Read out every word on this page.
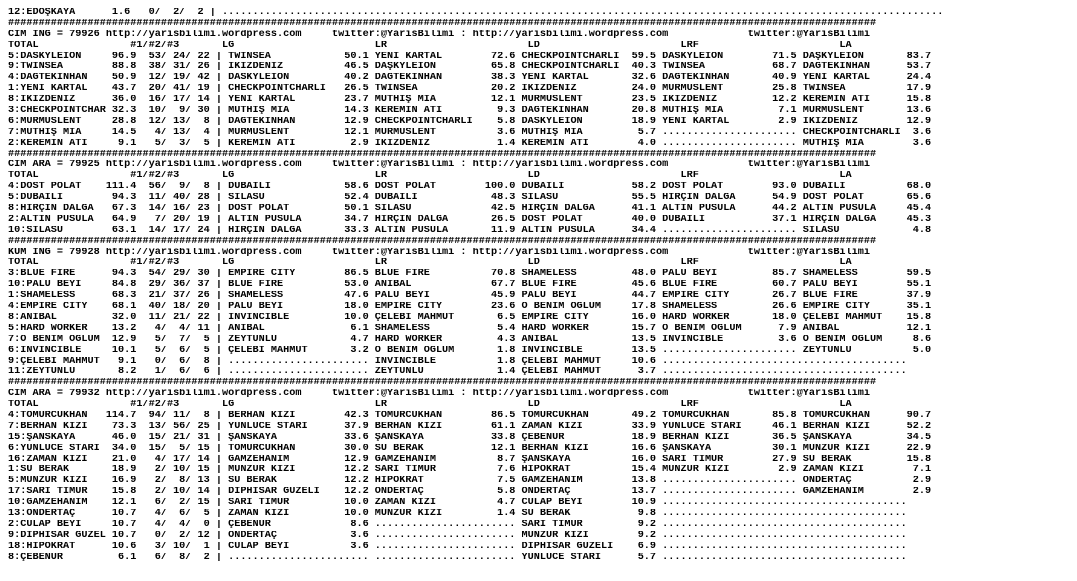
12:EDOŞKAYA      1.6   0/  2/  2 | ......................................................................................................................
##############################################################################################################################################
CIM ING = 79926 http://yarisbilimi.wordpress.com     twitter:@YarisBilimi : http://yarisbilimi.wordpress.com             twitter:@YarisBilimi
TOTAL               #1/#2/#3       LG                       LR                       LD                       LRF                       LA
5:DASKYLEION     96.9  53/ 24/ 22 | TWINSEA            50.1 YENİ KARTAL        72.6 CHECKPOINTCHARLI  59.5 DASKYLEION        71.5 DAŞKYLEION       83.7
9:TWINSEA        88.8  38/ 31/ 26 | İKİZDENİZ          46.5 DAŞKYLEION         65.8 CHECKPOINTCHARLI  40.3 TWINSEA           68.7 DAĞTEKİNHAN      53.7
4:DAĞTEKİNHAN    50.9  12/ 19/ 42 | DASKYLEION         40.2 DAĞTEKİNHAN        38.3 YENİ KARTAL       32.6 DAĞTEKİNHAN       40.9 YENİ KARTAL      24.4
1:YENİ KARTAL    43.7  20/ 41/ 19 | CHECKPOINTCHARLI   26.5 TWINSEA            20.2 İKİZDENİZ         24.0 MURMUSLENT        25.8 TWINSEA          17.9
8:İKİZDENİZ      36.0  16/ 17/ 14 | YENİ KARTAL        23.7 MÜTHİŞ MİA         12.1 MURMUSLENT        23.5 İKİZDENİZ         12.2 KEREMİN ATI      15.8
3:CHECKPOINTCHAR 32.3  10/  9/ 30 | MÜTHİŞ MİA         14.3 KEREMİN ATI         9.3 DAĞTEKİNHAN       20.8 MÜTHİŞ MİA         7.1 MURMUSLENT       13.6
6:MURMUSLENT     28.8  12/ 13/  8 | DAĞTEKİNHAN        12.9 CHECKPOINTCHARLI    5.8 DASKYLEION        18.9 YENİ KARTAL        2.9 İKİZDENİZ        12.9
7:MÜTHİŞ MİA     14.5   4/ 13/  4 | MURMUSLENT         12.1 MURMUSLENT          3.6 MÜTHİŞ MİA         5.7 ...................... CHECKPOINTCHARLI  3.6
2:KEREMİN ATI     9.1   5/  3/  5 | KEREMİN ATI         2.9 İKİZDENİZ           1.4 KEREMİN ATI        4.0 ...................... MÜTHİŞ MİA        3.6
##############################################################################################################################################
CIM ARA = 79925 http://yarisbilimi.wordpress.com     twitter:@YarisBilimi : http://yarisbilimi.wordpress.com             twitter:@YarisBilimi
TOTAL               #1/#2/#3       LG                       LR                       LD                       LRF                       LA
4:DOST POLAT    111.4  56/  9/  8 | DUBAİLİ            58.6 DOST POLAT        100.0 DUBAİLİ           58.2 DOST POLAT        93.0 DUBAİLİ          68.0
5:DUBAİLİ        94.3  11/ 40/ 28 | SILASU             52.4 DUBAİLİ            48.3 SILASU            55.5 HIRÇIN DALGA      54.9 DOST POLAT       65.6
8:HIRÇIN DALGA   67.3  14/ 16/ 23 | DOST POLAT         50.1 SILASU             42.5 HIRÇIN DALGA      41.1 ALTIN PUSULA      44.2 ALTIN PUSULA     45.4
2:ALTIN PUSULA   64.9   7/ 20/ 19 | ALTIN PUSULA       34.7 HIRÇIN DALGA       26.5 DOST POLAT        40.0 DUBAİLİ           37.1 HIRÇIN DALGA     45.3
10:SILASU        63.1  14/ 17/ 24 | HIRÇIN DALGA       33.3 ALTIN PUSULA       11.9 ALTIN PUSULA      34.4 ...................... SILASU            4.8
##############################################################################################################################################
KUM ING = 79928 http://yarisbilimi.wordpress.com     twitter:@YarisBilimi : http://yarisbilimi.wordpress.com             twitter:@YarisBilimi
TOTAL               #1/#2/#3       LG                       LR                       LD                       LRF                       LA
3:BLUE FIRE      94.3  54/ 29/ 30 | EMPIRE CITY        86.5 BLUE FIRE          70.8 SHAMELESS         48.0 PALU BEYİ         85.7 SHAMELESS        59.5
10:PALU BEYİ     84.8  29/ 36/ 37 | BLUE FIRE          53.0 ANIBAL             67.7 BLUE FIRE         45.6 BLUE FIRE         60.7 PALU BEYİ        55.1
1:SHAMELESS      68.3  21/ 37/ 26 | SHAMELESS          47.6 PALU BEYİ          45.9 PALU BEYİ         44.7 EMPIRE CITY       26.7 BLUE FIRE        37.9
4:EMPIRE CITY    68.1  40/ 18/ 20 | PALU BEYİ          18.0 EMPIRE CITY        23.6 O BENİM OĞLUM     17.8 SHAMELESS         26.6 EMPIRE CITY      35.1
8:ANIBAL         32.0  11/ 21/ 22 | INVINCIBLE         10.0 ÇELEBİ MAHMUT       6.5 EMPIRE CITY       16.0 HARD WORKER       18.0 ÇELEBİ MAHMUT    15.8
5:HARD WORKER    13.2   4/  4/ 11 | ANIBAL              6.1 SHAMELESS           5.4 HARD WORKER       15.7 O BENİM OĞLUM      7.9 ANIBAL           12.1
7:O BENİM OĞLUM  12.9   5/  7/  5 | ZEYTUNLU            4.7 HARD WORKER         4.3 ANIBAL            13.5 INVINCIBLE         3.6 O BENİM OĞLUM     8.6
6:INVINCIBLE     10.1   5/  6/  5 | ÇELEBİ MAHMUT       3.2 O BENİM OĞLUM       1.8 INVINCIBLE        13.5 ...................... ZEYTUNLU          5.0
9:ÇELEBİ MAHMUT   9.1   0/  6/  8 | ....................... INVINCIBLE          1.8 ÇELEBİ MAHMUT     10.6 ........................................
11:ZEYTUNLU       8.2   1/  6/  6 | ....................... ZEYTUNLU            1.4 ÇELEBİ MAHMUT      3.7 ........................................
##############################################################################################################################################
CIM ARA = 79932 http://yarisbilimi.wordpress.com     twitter:@YarisBilimi : http://yarisbilimi.wordpress.com             twitter:@YarisBilimi
TOTAL               #1/#2/#3       LG                       LR                       LD                       LRF                       LA
4:TOMURCUKHAN   114.7  94/ 11/  8 | BERHAN KIZI        42.3 TOMURCUKHAN        86.5 TOMURCUKHAN       49.2 TOMURCUKHAN       85.8 TOMURCUKHAN      90.7
7:BERHAN KIZI    73.3  13/ 56/ 25 | YÜNLÜCE STARI      37.9 BERHAN KIZI        61.1 ZAMAN KIZI        33.9 YÜNLÜCE STARI     46.1 BERHAN KIZI      52.2
15:ŞANSKAYA      46.0  15/ 21/ 31 | ŞANSKAYA           33.6 ŞANSKAYA           33.8 ÇEBENUR           18.9 BERHAN KIZI       36.5 ŞANSKAYA         34.5
6:YÜNLÜCE STARI  34.0  15/  5/ 15 | TOMURCUKHAN        30.0 SU BERAK           12.1 BERHAN KIZI       16.6 ŞANSKAYA          30.1 MUNZUR KIZI      22.9
16:ZAMAN KIZI    21.0   4/ 17/ 14 | GAMZEHANIM         12.9 GAMZEHANIM          8.7 ŞANSKAYA          16.0 SARI TİMUR        27.9 SU BERAK         15.8
1:SU BERAK       18.9   2/ 10/ 15 | MUNZUR KIZI        12.2 SARI TİMUR          7.6 HİPOKRAT          15.4 MUNZUR KIZI        2.9 ZAMAN KIZI        7.1
5:MUNZUR KIZI    16.9   2/  8/ 13 | SU BERAK           12.2 HİPOKRAT            7.5 GAMZEHANIM        13.8 ...................... ÖNDERTAÇ          2.9
17:SARI TİMUR    15.8   2/ 10/ 14 | DİPHİSAR GÜZELİ    12.2 ÖNDERTAÇ            5.8 ÖNDERTAÇ          13.7 ...................... GAMZEHANIM        2.9
10:GAMZEHANIM    12.1   6/  2/ 15 | SARI TİMUR         10.0 ZAMAN KIZI          4.7 CULAP BEYİ        10.9 ........................................
13:ÖNDERTAÇ      10.7   4/  6/  5 | ZAMAN KIZI         10.0 MUNZUR KIZI         1.4 SU BERAK           9.8 ........................................
2:CULAP BEYİ     10.7   4/  4/  0 | ÇEBENUR             8.6 ....................... SARI TİMUR         9.2 ........................................
9:DİPHİSAR GÜZEL 10.7   0/  2/ 12 | ÖNDERTAÇ            3.6 ....................... MUNZUR KIZI        9.2 ........................................
18:HİPOKRAT      10.6   3/ 10/  1 | CULAP BEYİ          3.6 ....................... DİPHİSAR GÜZELİ    6.9 ........................................
8:ÇEBENUR         6.1   6/  8/  2 | ....................... ....................... YÜNLÜCE STARI      5.7 ........................................
